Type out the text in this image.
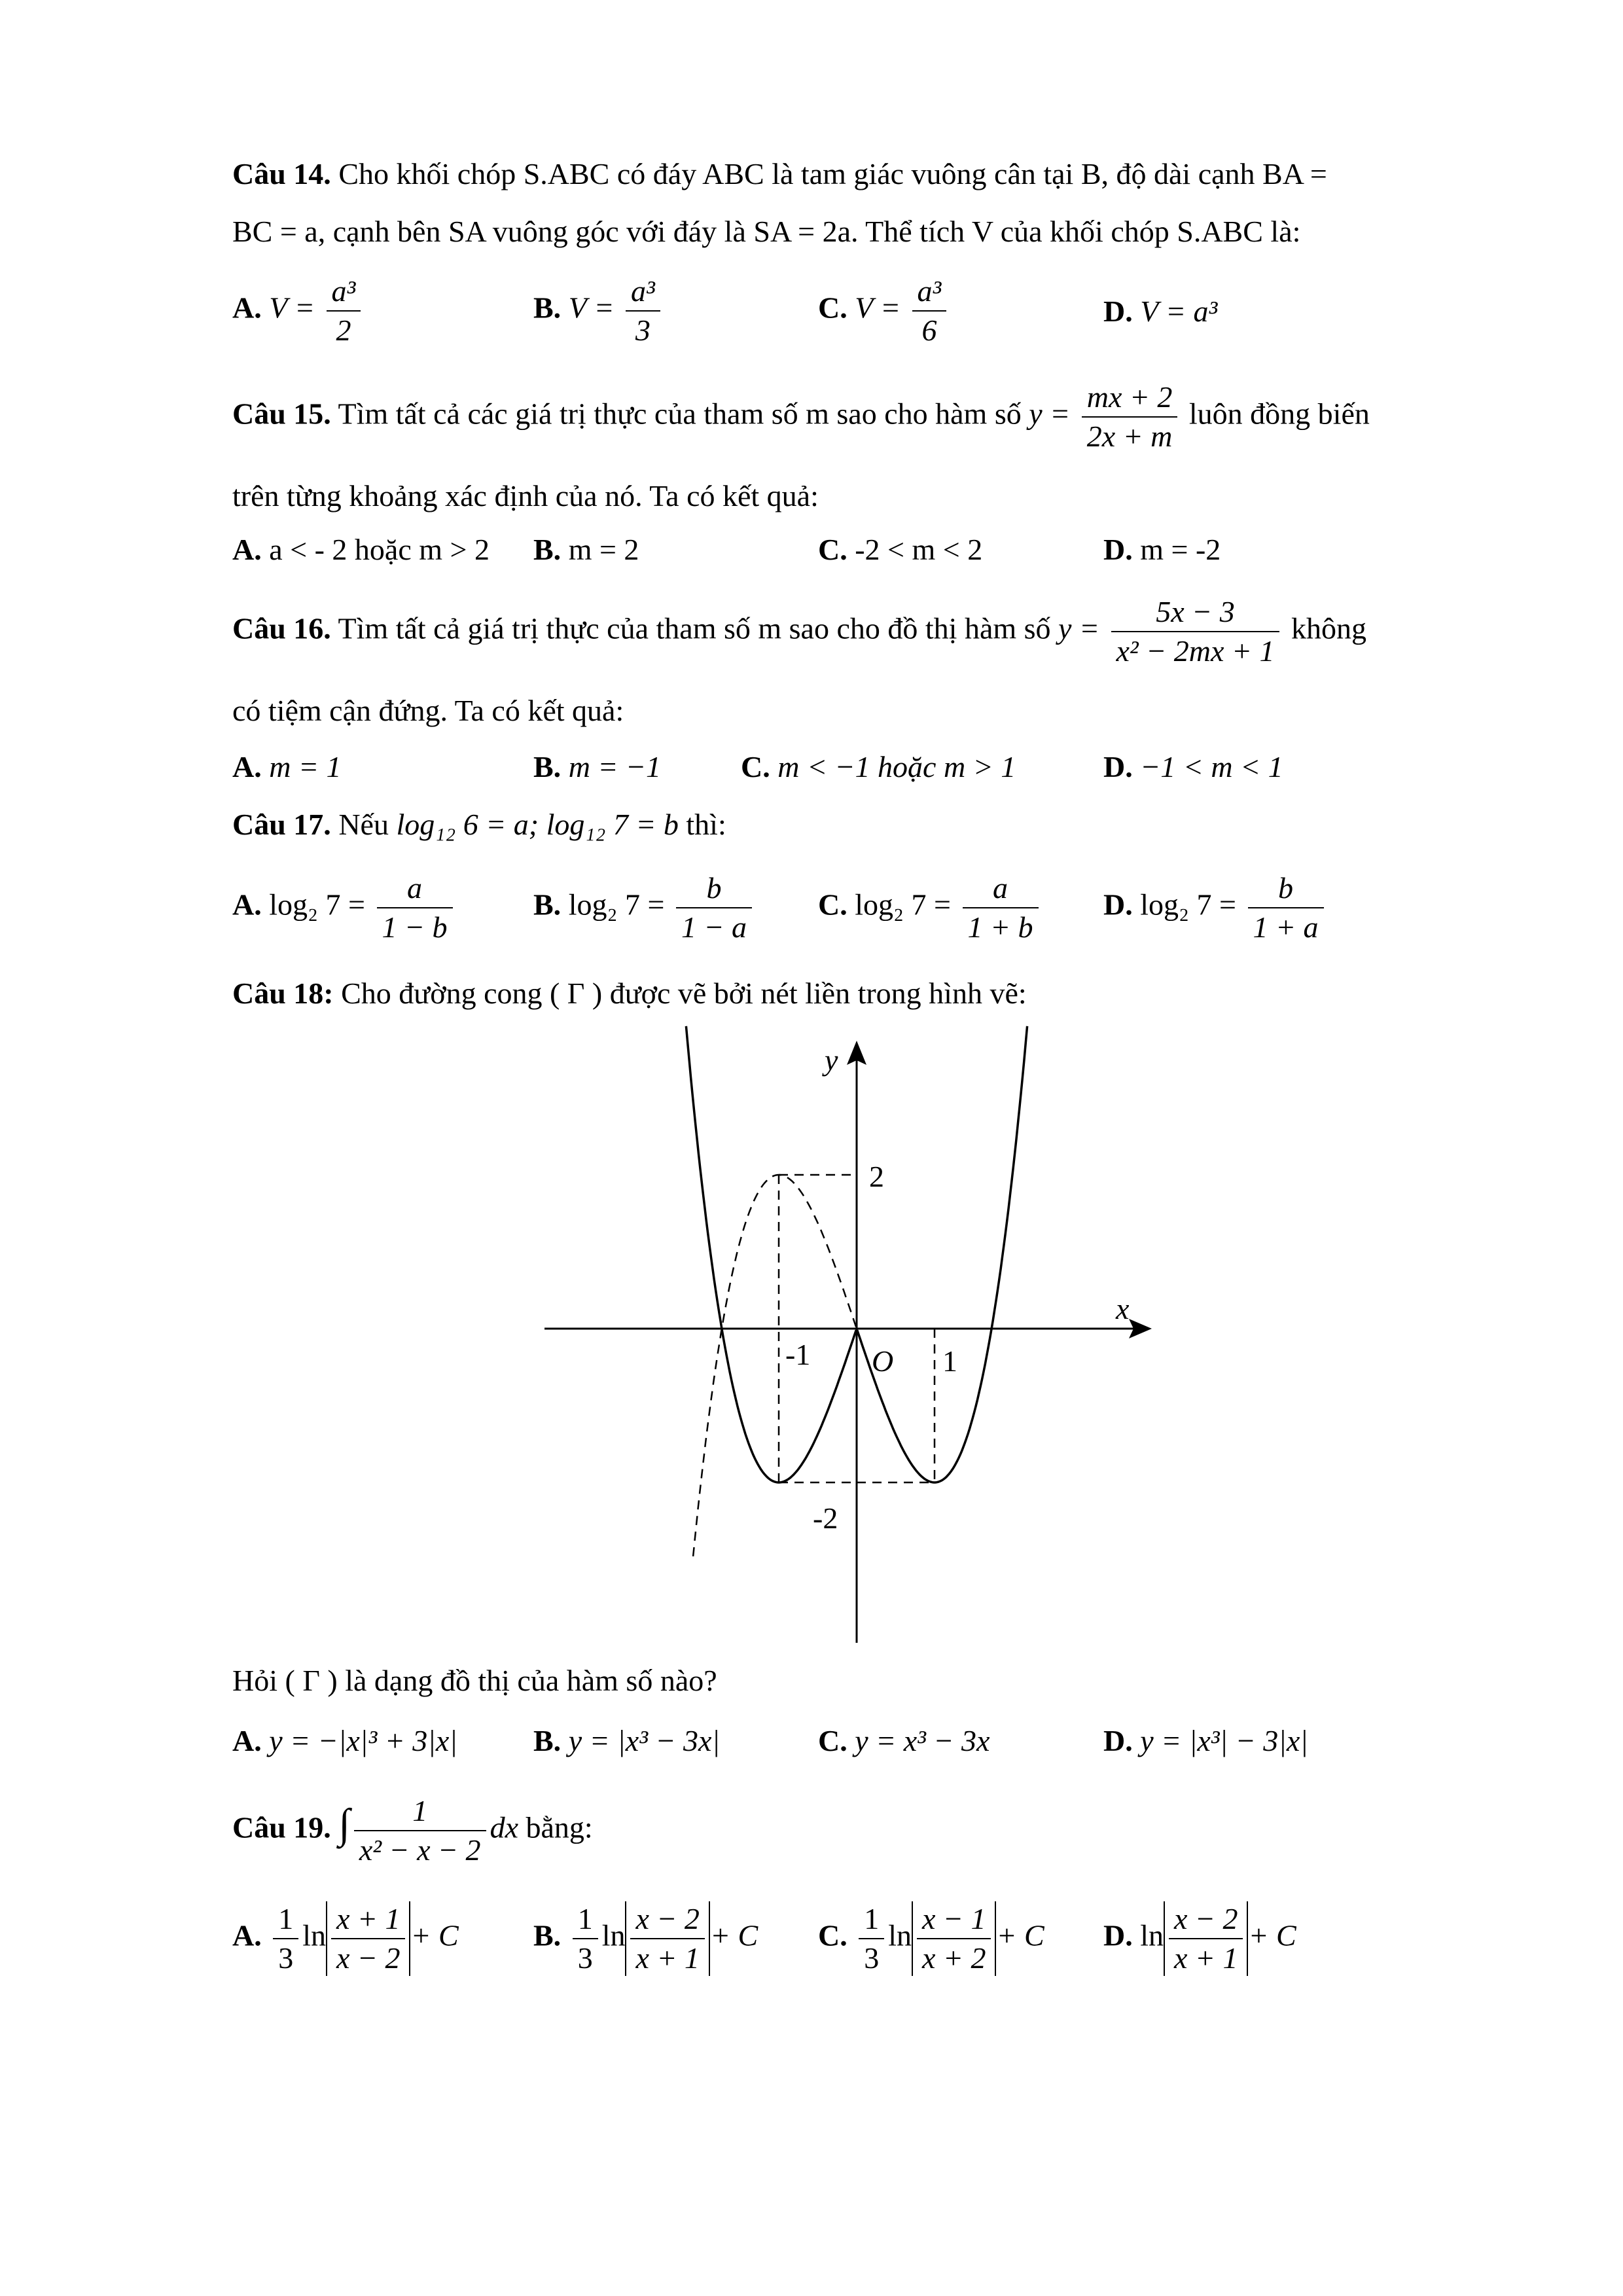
Câu 14. Cho khối chóp S.ABC có đáy ABC là tam giác vuông cân tại B, độ dài cạnh BA =
BC = a, cạnh bên SA vuông góc với đáy là SA = 2a. Thể tích V của khối chóp S.ABC là:
A. $V = \frac{\text{a³}}{2}$	B. $V = \frac{\text{a³}}{3}$	C. $V = \frac{\text{a³}}{6}$	D. V = a³
Câu 15. Tìm tất cả các giá trị thực của tham số m sao cho hàm số $y = \frac{mx + 2}{2x + m}$ luôn đồng biến
trên từng khoảng xác định của nó. Ta có kết quả:
A. a < - 2 hoặc m > 2 B. m = 2	C. -2 < m < 2	D. m = -2
Câu 16. Tìm tất cả giá trị thực của tham số m sao cho đồ thị hàm số $y = \frac{5x - 3}{\text{x² − 2mx + 1}}$ không
có tiệm cận đứng. Ta có kết quả:
A. m = 1	B. m = −1	C. m < −1 hoặc m > 1	D. −1 < m < 1
Câu 17. Nếu log₁₂ 6 = a; log₁₂ 7 = b thì:
A. log₂ $7 = \frac{a}{1 - b}$	B. log₂ $7 = \frac{b}{1 - a} C$. log₂ $7 = \frac{a}{1 + b} D$. log₂ $7 = \frac{b}{1 + a}$
Câu 18: Cho đường cong ( Γ ) được vẽ bởi nét liền trong hình vẽ:
y
x
2
-2
-1	1
O
Hỏi ( Γ ) là dạng đồ thị của hàm số nào?
A. y = −|x|³ + 3|x|	B. y = |x³ − 3x|	C. y = x³ − 3x	D. y = |x³| − 3|x|
Câu 19. ∫ $\frac{1}{\text{x² − x − 2}}$ dx bằng:
A. $\frac{1}{3}$ $\ln \frac{x + 1}{x - 2} + C$ B. $\frac{1}{3}$ $\ln \frac{x - 2}{x + 1} + C$ C. $\frac{1}{3}$ $\ln \frac{x - 1}{x + 2} + C$ D. $\ln \frac{x - 2}{x + 1} + C$
